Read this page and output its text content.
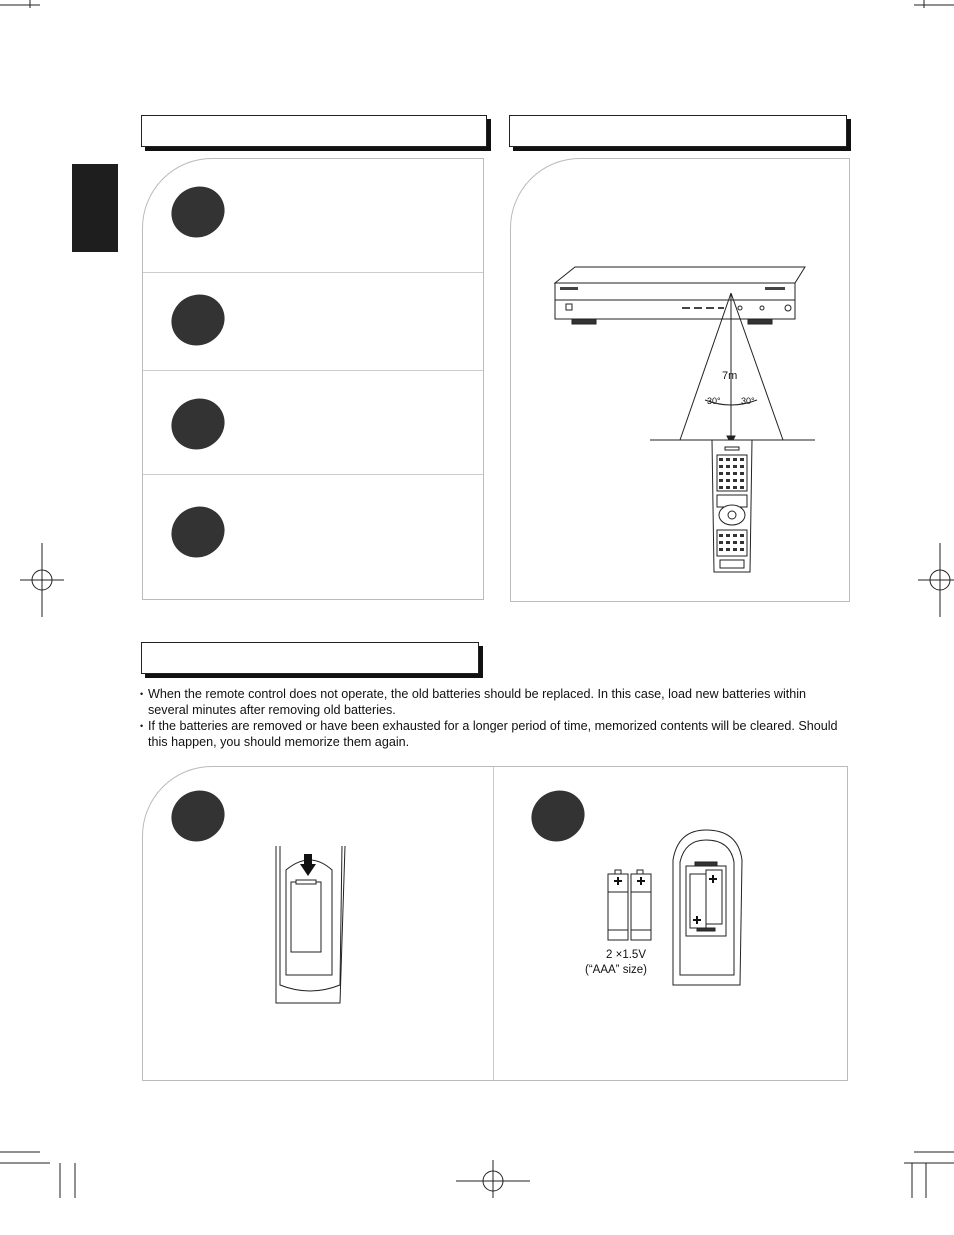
7m
30° 30°
• When the remote control does not operate, the old batteries should be replaced. In this case, load new batteries within several minutes after removing old batteries.
• If the batteries are removed or have been exhausted for a longer period of time, memorized contents will be cleared. Should this happen, you should memorize them again.
2 ×1.5V
(“AAA” size)
